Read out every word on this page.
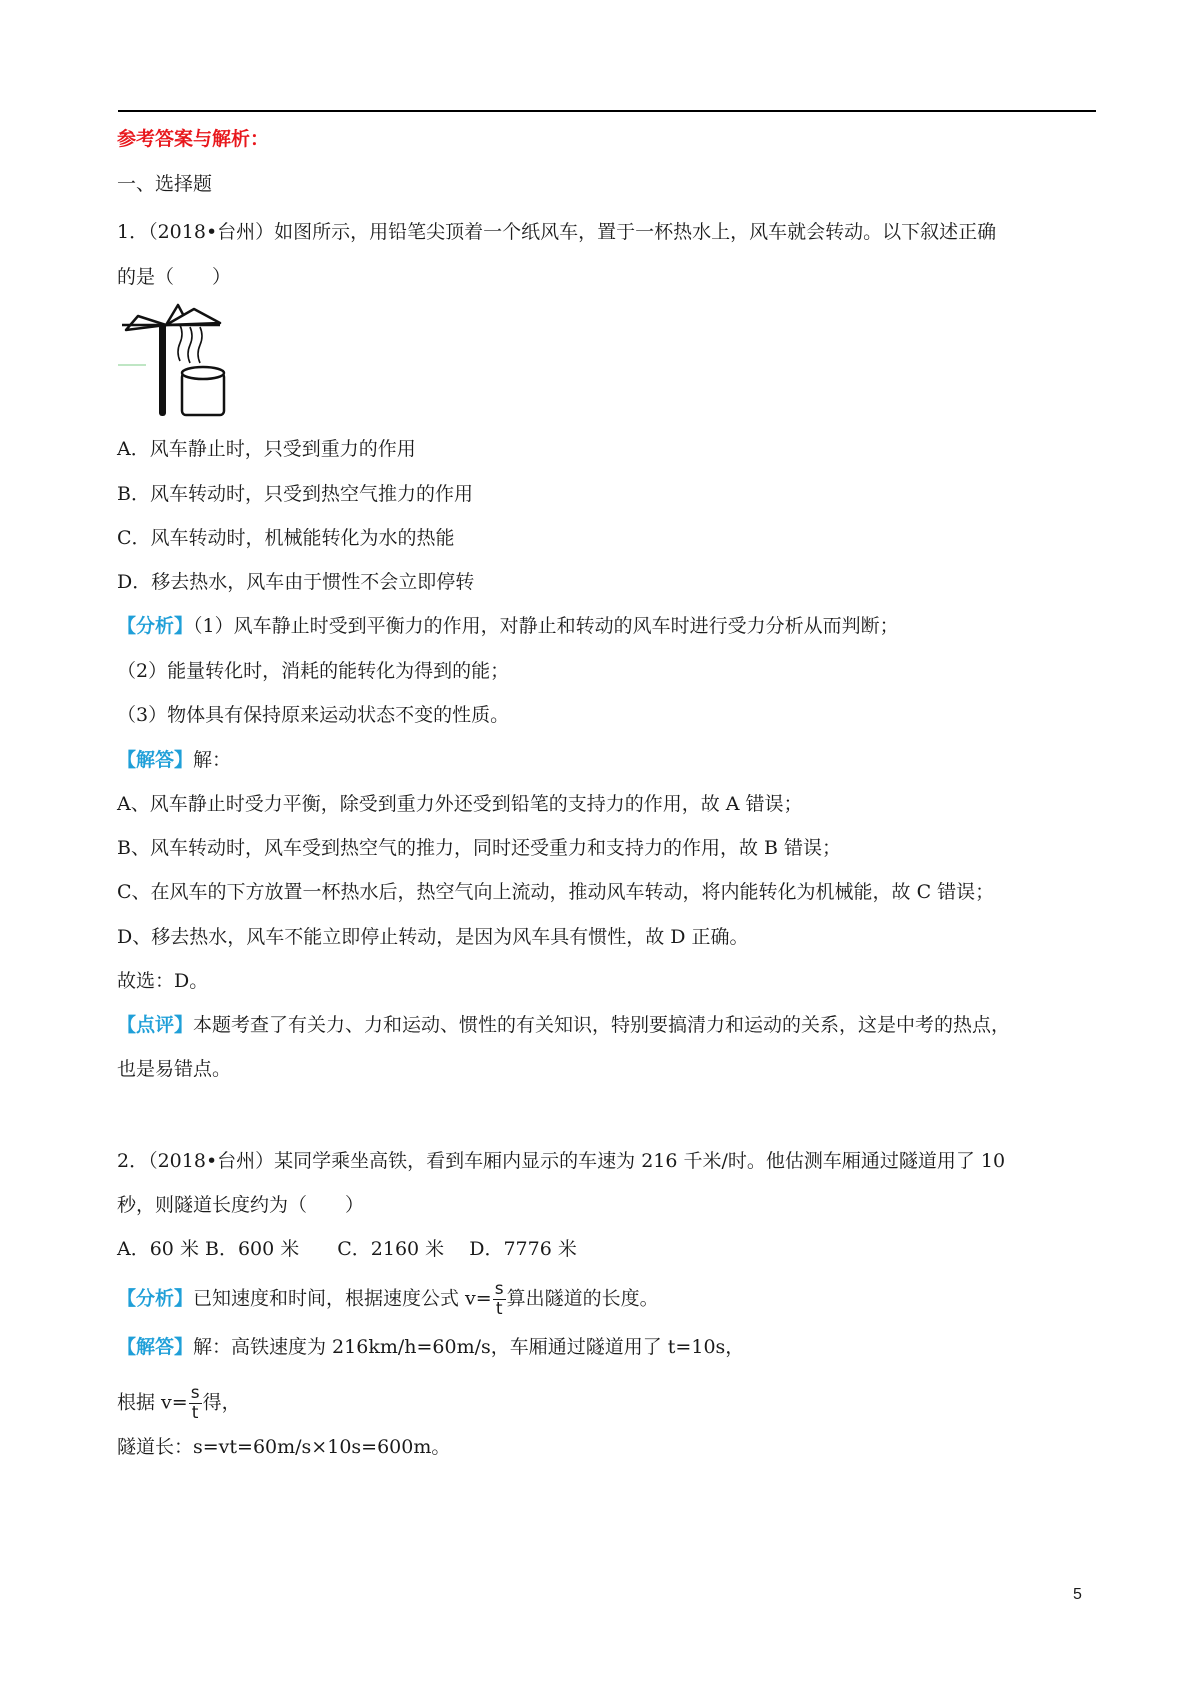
参考答案与解析：
一、选择题
1．（2018•台州）如图所示，用铅笔尖顶着一个纸风车，置于一杯热水上，风车就会转动。以下叙述正确
的是（　　）
A．风车静止时，只受到重力的作用
B．风车转动时，只受到热空气推力的作用
C．风车转动时，机械能转化为水的热能
D．移去热水，风车由于惯性不会立即停转
【分析】（1）风车静止时受到平衡力的作用，对静止和转动的风车时进行受力分析从而判断；
（2）能量转化时，消耗的能转化为得到的能；
（3）物体具有保持原来运动状态不变的性质。
【解答】解：
A、风车静止时受力平衡，除受到重力外还受到铅笔的支持力的作用，故 A 错误；
B、风车转动时，风车受到热空气的推力，同时还受重力和支持力的作用，故 B 错误；
C、在风车的下方放置一杯热水后，热空气向上流动，推动风车转动，将内能转化为机械能，故 C 错误；
D、移去热水，风车不能立即停止转动，是因为风车具有惯性，故 D 正确。
故选：D。
【点评】本题考查了有关力、力和运动、惯性的有关知识，特别要搞清力和运动的关系，这是中考的热点，
也是易错点。
2．（2018•台州）某同学乘坐高铁，看到车厢内显示的车速为 216 千米/时。他估测车厢通过隧道用了 10
秒，则隧道长度约为（　　）
A．60 米 B．600 米　　C．2160 米　 D．7776 米
【分析】已知速度和时间，根据速度公式 $v= \frac{s}{t}$ 算出隧道的长度。
【解答】解：高铁速度为 216km/h=60m/s，车厢通过隧道用了 t=10s，
根据 $v= \frac{s}{t}$ 得，
隧道长：s=vt=60m/s×10s=600m。
5
